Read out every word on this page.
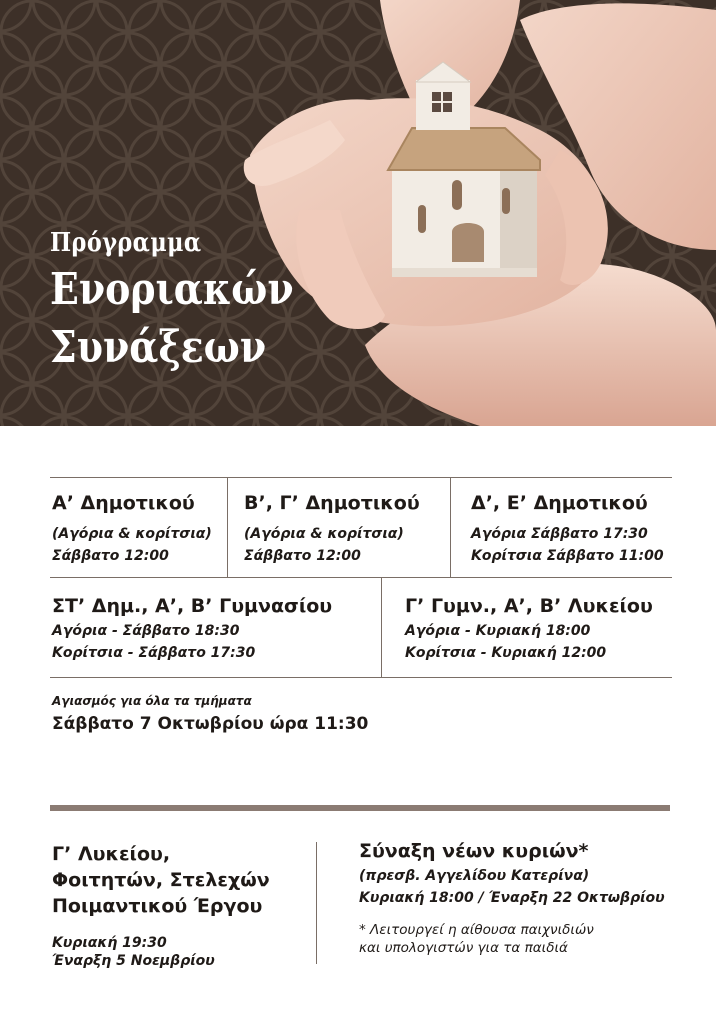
Πρόγραμμα
Ενοριακών
Συνάξεων
Α’ Δημοτικού
(Αγόρια & κορίτσια)
Σάββατο 12:00
Β’, Γ’ Δημοτικού
(Αγόρια & κορίτσια)
Σάββατο 12:00
Δ’, Ε’ Δημοτικού
Αγόρια Σάββατο 17:30
Κορίτσια Σάββατο 11:00
ΣΤ’ Δημ., Α’, Β’ Γυμνασίου
Αγόρια - Σάββατο 18:30
Κορίτσια - Σάββατο 17:30
Γ’ Γυμν., Α’, Β’ Λυκείου
Αγόρια - Κυριακή 18:00
Κορίτσια - Κυριακή 12:00
Αγιασμός για όλα τα τμήματα
Σάββατο 7 Οκτωβρίου ώρα 11:30
Γ’ Λυκείου,
Φοιτητών, Στελεχών
Ποιμαντικού Έργου
Κυριακή 19:30
Έναρξη 5 Νοεμβρίου
Σύναξη νέων κυριών*
(πρεσβ. Αγγελίδου Κατερίνα)
Κυριακή 18:00 / Έναρξη 22 Οκτωβρίου
* Λειτουργεί η αίθουσα παιχνιδιών
και υπολογιστών για τα παιδιά
